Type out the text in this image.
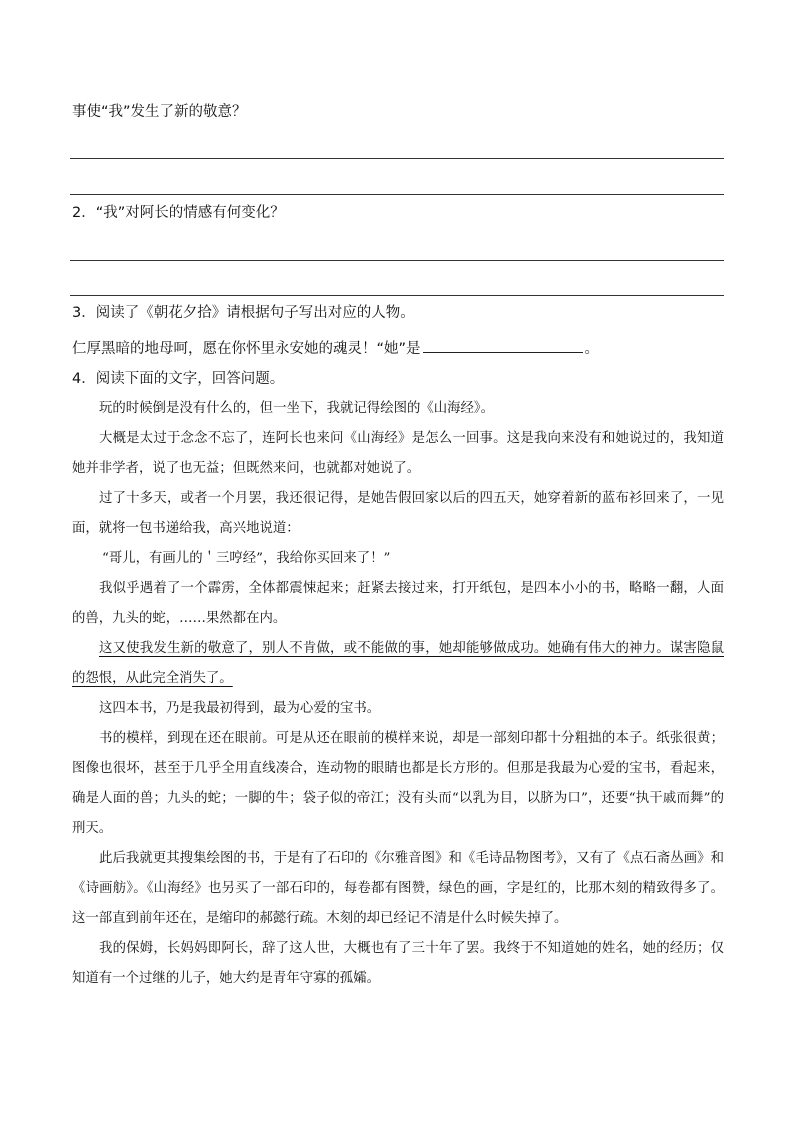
事使“我”发生了新的敬意？
2．“我”对阿长的情感有何变化？
3．阅读了《朝花夕拾》请根据句子写出对应的人物。
仁厚黑暗的地母呵，愿在你怀里永安她的魂灵！“她”是	。
4．阅读下面的文字，回答问题。

玩的时候倒是没有什么的，但一坐下，我就记得绘图的《山海经》。

大概是太过于念念不忘了，连阿长也来问《山海经》是怎么一回事。这是我向来没有和她说过的，我知道她并非学者，说了也无益；但既然来问，也就都对她说了。

过了十多天，或者一个月罢，我还很记得，是她告假回家以后的四五天，她穿着新的蓝布衫回来了，一见面，就将一包书递给我，高兴地说道：

“哥儿，有画儿的＇三哼经”，我给你买回来了！”

我似乎遇着了一个霹雳，全体都震悚起来；赶紧去接过来，打开纸包，是四本小小的书，略略一翻，人面的兽，九头的蛇，……果然都在内。

这又使我发生新的敬意了，别人不肯做，或不能做的事，她却能够做成功。她确有伟大的神力。谋害隐鼠的怨恨，从此完全消失了。

这四本书，乃是我最初得到，最为心爱的宝书。

书的模样，到现在还在眼前。可是从还在眼前的模样来说，却是一部刻印都十分粗拙的本子。纸张很黄；图像也很坏，甚至于几乎全用直线凑合，连动物的眼睛也都是长方形的。但那是我最为心爱的宝书，看起来，确是人面的兽；九头的蛇；一脚的牛；袋子似的帝江；没有头而“以乳为目，以脐为口”，还要“执干戚而舞”的刑天。

此后我就更其搜集绘图的书，于是有了石印的《尔雅音图》和《毛诗品物图考》，又有了《点石斋丛画》和《诗画舫》。《山海经》也另买了一部石印的，每卷都有图赞，绿色的画，字是红的，比那木刻的精致得多了。这一部直到前年还在，是缩印的郝懿行疏。木刻的却已经记不清是什么时候失掉了。

我的保姆，长妈妈即阿长，辞了这人世，大概也有了三十年了罢。我终于不知道她的姓名，她的经历；仅知道有一个过继的儿子，她大约是青年守寡的孤孀。
